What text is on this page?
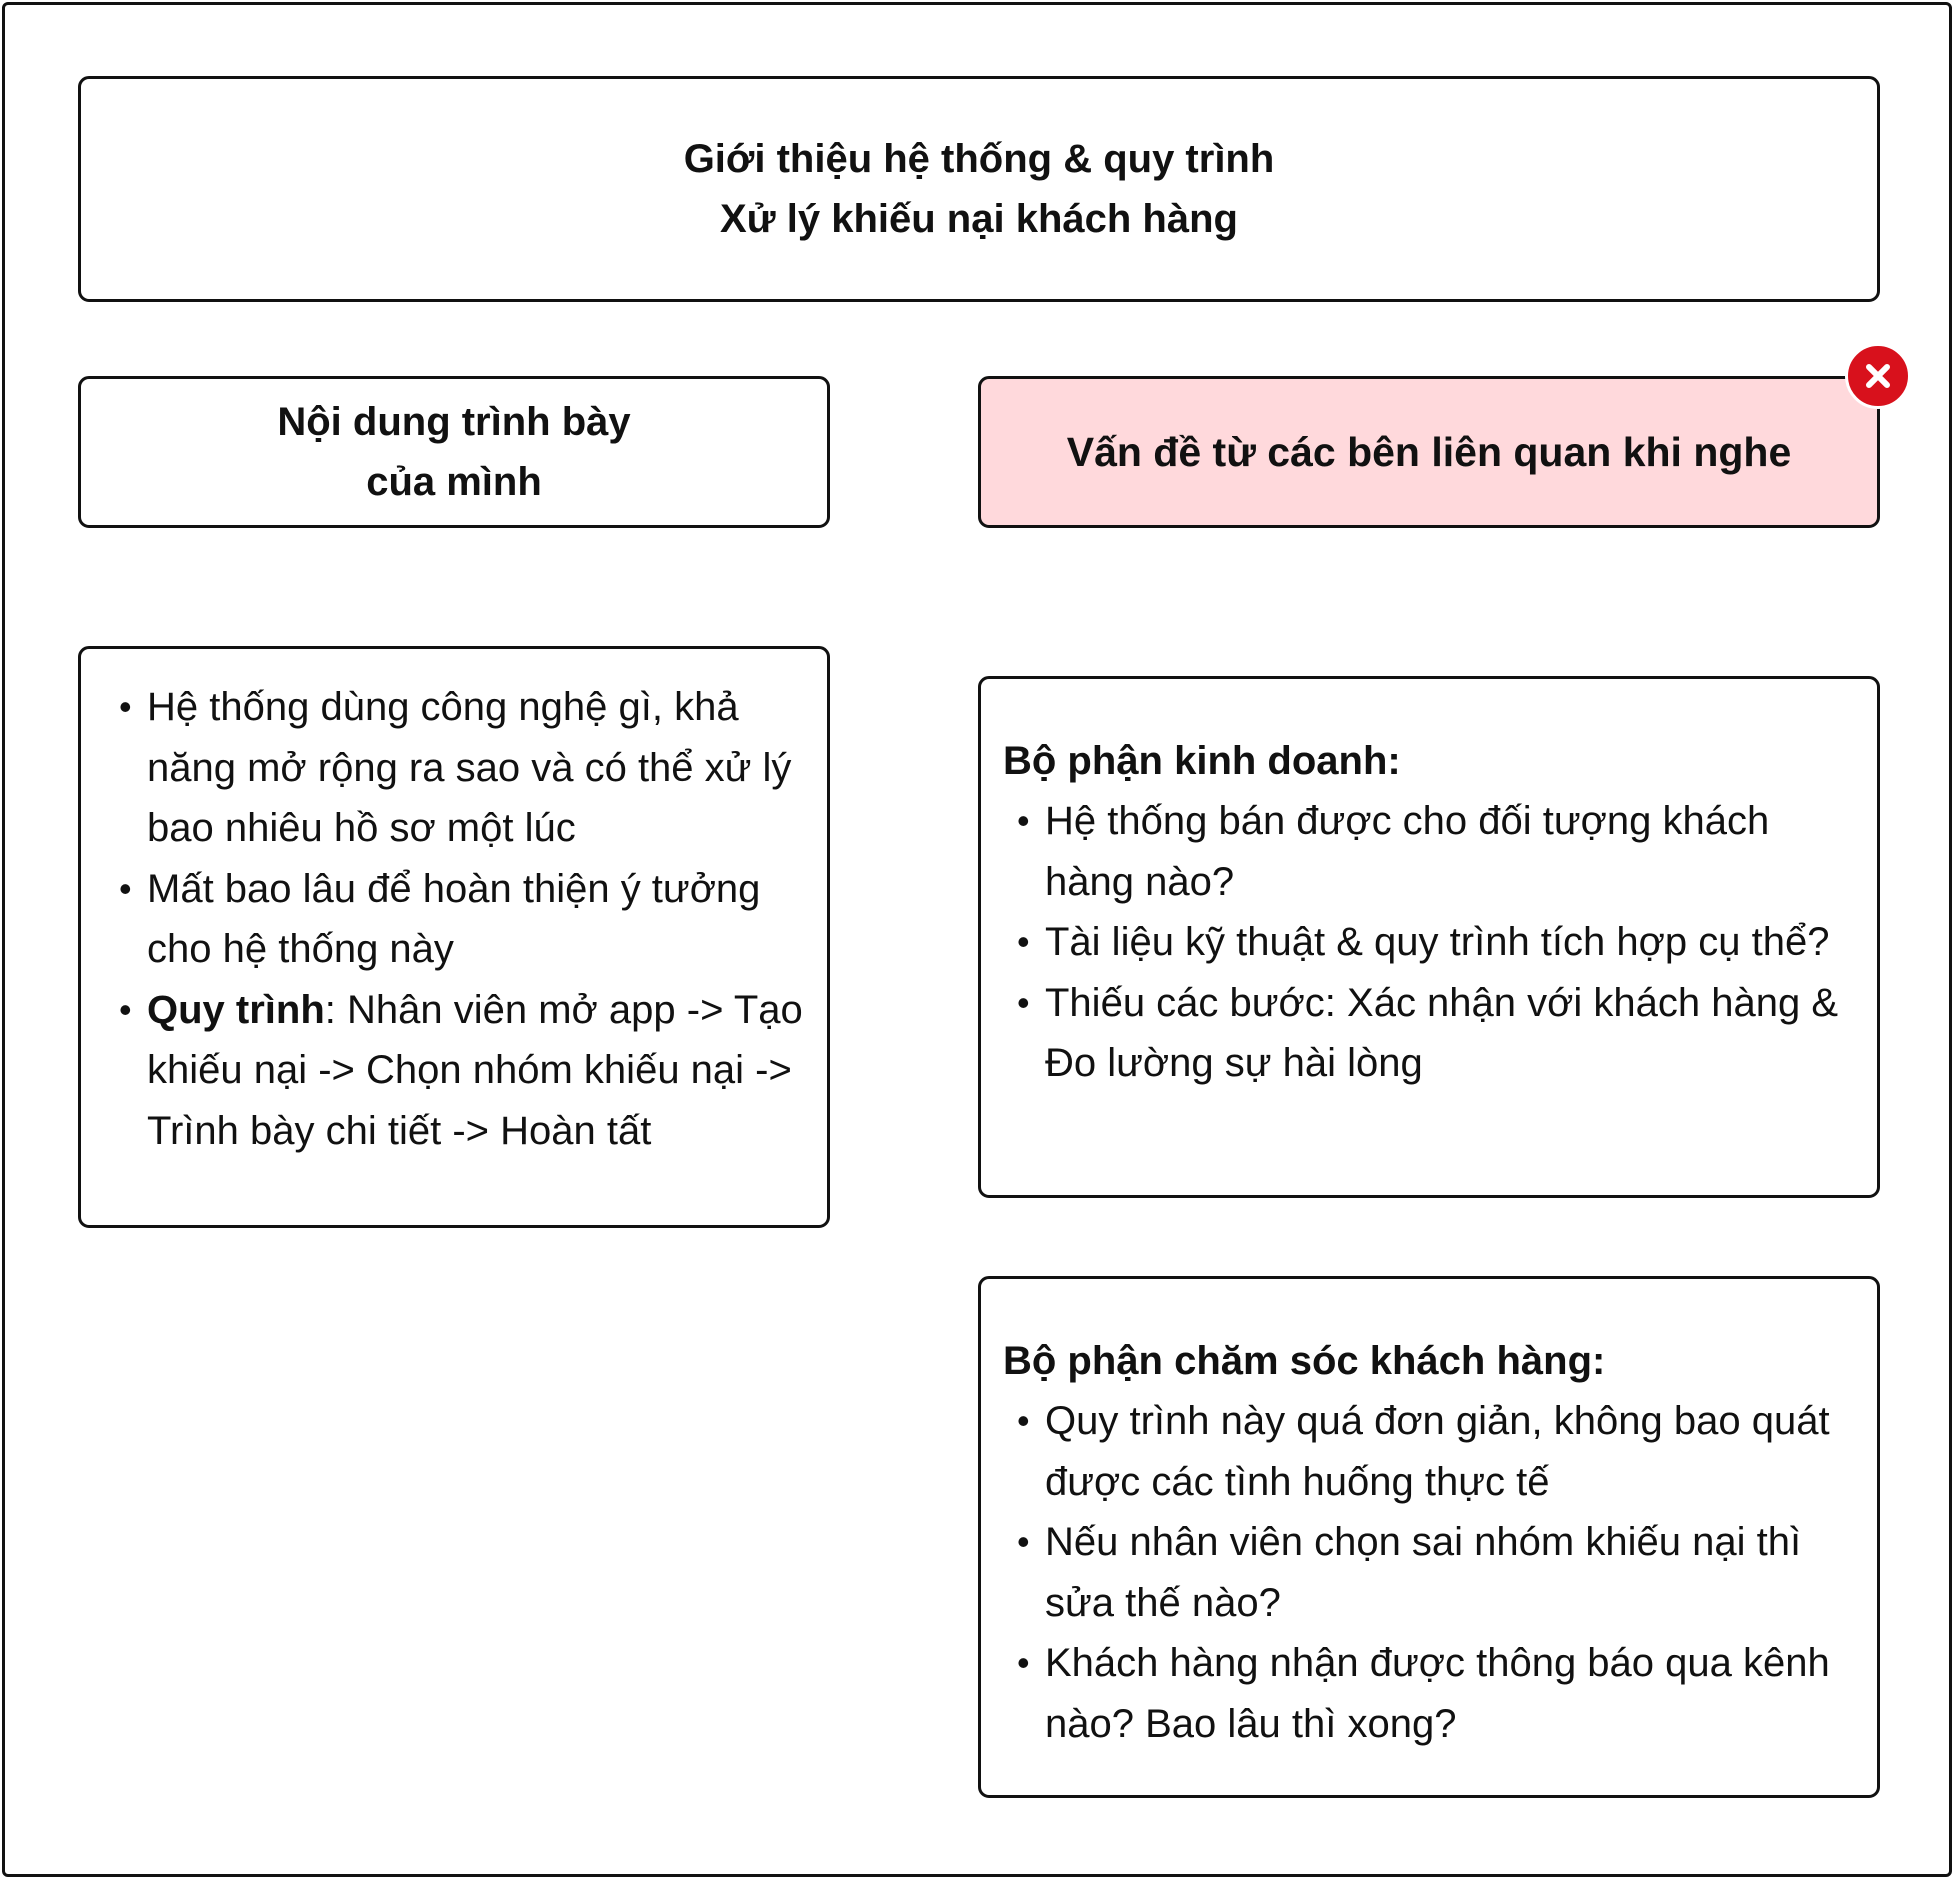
Giới thiệu hệ thống & quy trình
Xử lý khiếu nại khách hàng
Nội dung trình bày
của mình
Vấn đề từ các bên liên quan khi nghe
• Hệ thống dùng công nghệ gì, khả năng mở rộng ra sao và có thể xử lý bao nhiêu hồ sơ một lúc
• Mất bao lâu để hoàn thiện ý tưởng cho hệ thống này
• Quy trình: Nhân viên mở app -> Tạo khiếu nại -> Chọn nhóm khiếu nại -> Trình bày chi tiết -> Hoàn tất
Bộ phận kinh doanh:
• Hệ thống bán được cho đối tượng khách hàng nào?
• Tài liệu kỹ thuật & quy trình tích hợp cụ thể?
• Thiếu các bước: Xác nhận với khách hàng & Đo lường sự hài lòng
Bộ phận chăm sóc khách hàng:
• Quy trình này quá đơn giản, không bao quát được các tình huống thực tế
• Nếu nhân viên chọn sai nhóm khiếu nại thì sửa thế nào?
• Khách hàng nhận được thông báo qua kênh nào? Bao lâu thì xong?
